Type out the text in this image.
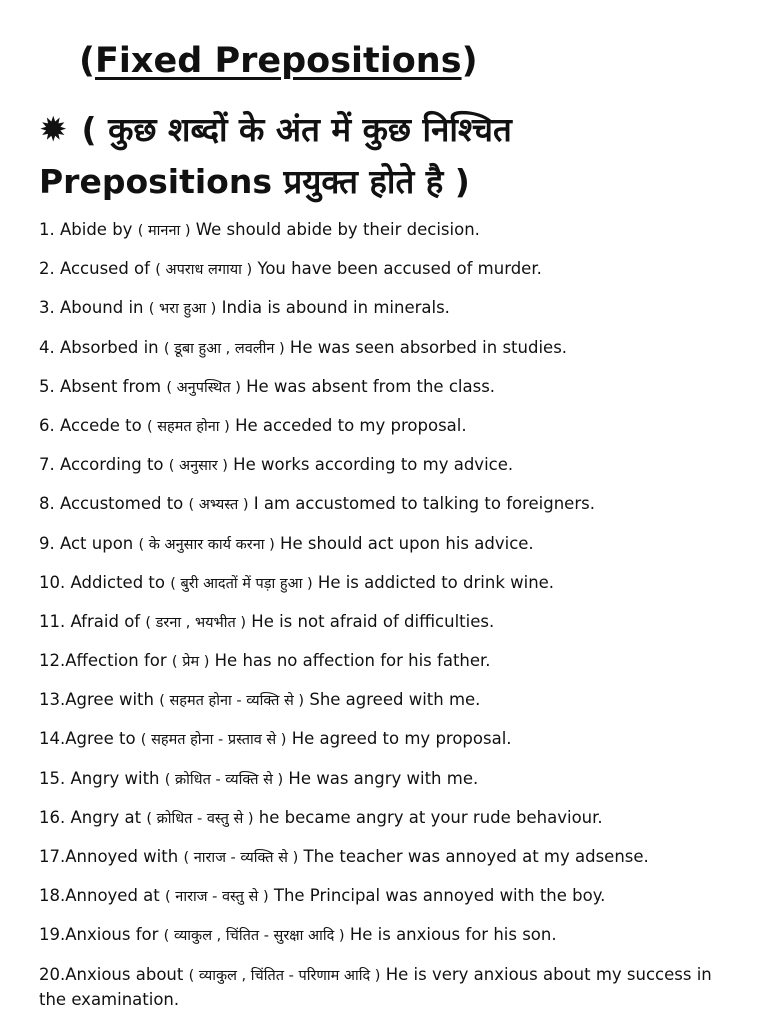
(Fixed Prepositions)
✹ ( कुछ शब्दों के अंत में कुछ निश्चित Prepositions प्रयुक्त होते है )
1. Abide by ( मानना ) We should abide by their decision.
2. Accused of ( अपराध लगाया ) You have been accused of murder.
3. Abound in ( भरा हुआ ) India is abound in minerals.
4. Absorbed in ( डूबा हुआ , लवलीन ) He was seen absorbed in studies.
5. Absent from ( अनुपस्थित ) He was absent from the class.
6. Accede to ( सहमत होना ) He acceded to my proposal.
7. According to ( अनुसार ) He works according to my advice.
8. Accustomed to ( अभ्यस्त ) I am accustomed to talking to foreigners.
9. Act upon ( के अनुसार कार्य करना ) He should act upon his advice.
10. Addicted to ( बुरी आदतों में पड़ा हुआ ) He is addicted to drink wine.
11. Afraid of ( डरना , भयभीत ) He is not afraid of difficulties.
12.Affection for ( प्रेम ) He has no affection for his father.
13.Agree with ( सहमत होना - व्यक्ति से ) She agreed with me.
14.Agree to ( सहमत होना - प्रस्ताव से ) He agreed to my proposal.
15. Angry with ( क्रोधित - व्यक्ति से ) He was angry with me.
16. Angry at ( क्रोधित - वस्तु से ) he became angry at your rude behaviour.
17.Annoyed with ( नाराज - व्यक्ति से ) The teacher was annoyed at my adsense.
18.Annoyed at ( नाराज - वस्तु से ) The Principal was annoyed with the boy.
19.Anxious for ( व्याकुल , चिंतित - सुरक्षा आदि ) He is anxious for his son.
20.Anxious about ( व्याकुल , चिंतित - परिणाम आदि ) He is very anxious about my success in the examination.
